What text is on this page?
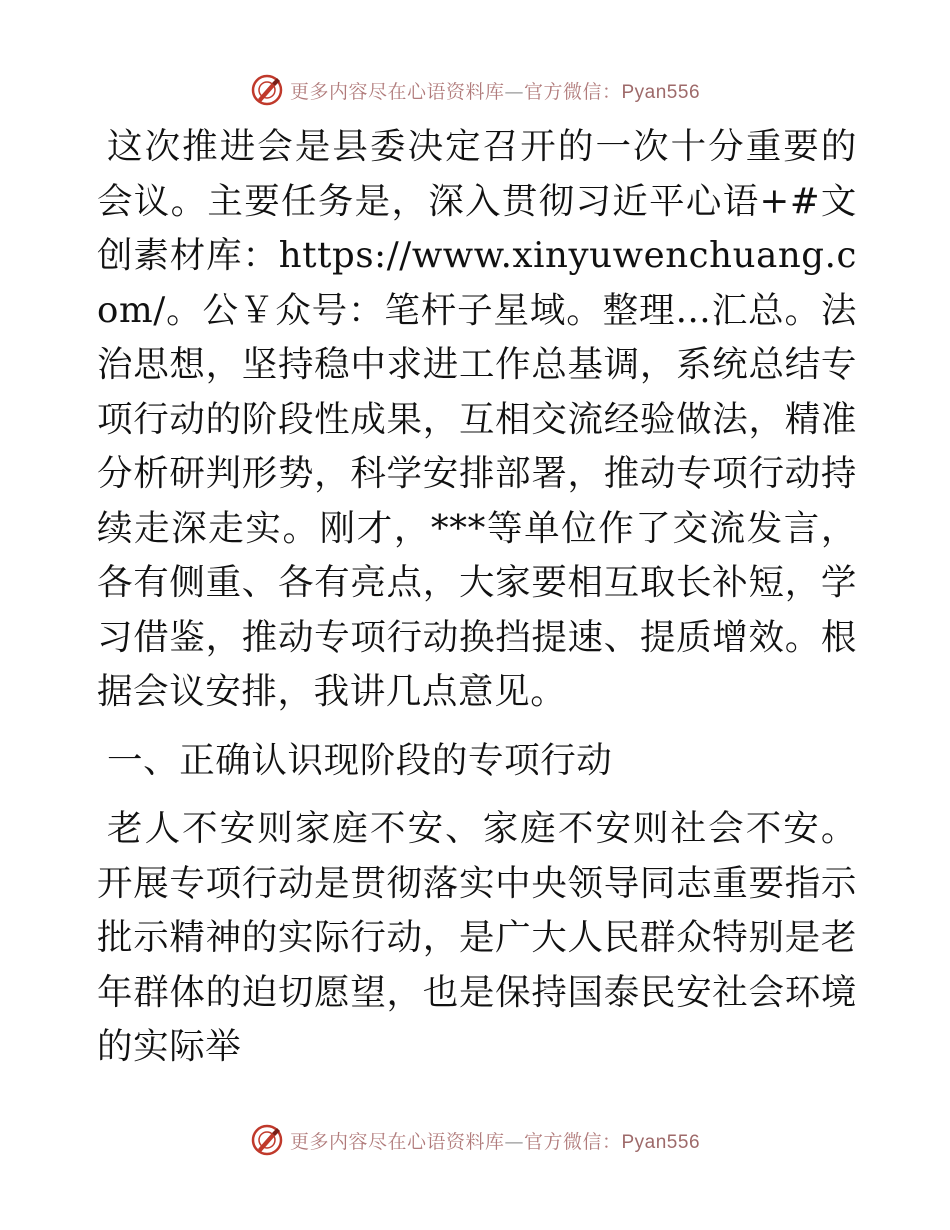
更多内容尽在心语资料库—官方微信：Pyan556

这次推进会是县委决定召开的一次十分重要的会议。主要任务是，深入贯彻习近平心语+#文创素材库：https://www.xinyuwenchuang.com/。公￥众号：笔杆子星域。整理…汇总。法治思想，坚持稳中求进工作总基调，系统总结专项行动的阶段性成果，互相交流经验做法，精准分析研判形势，科学安排部署，推动专项行动持续走深走实。刚才，***等单位作了交流发言，各有侧重、各有亮点，大家要相互取长补短，学习借鉴，推动专项行动换挡提速、提质增效。根据会议安排，我讲几点意见。

一、正确认识现阶段的专项行动

老人不安则家庭不安、家庭不安则社会不安。开展专项行动是贯彻落实中央领导同志重要指示批示精神的实际行动，是广大人民群众特别是老年群体的迫切愿望，也是保持国泰民安社会环境的实际举

更多内容尽在心语资料库—官方微信：Pyan556
